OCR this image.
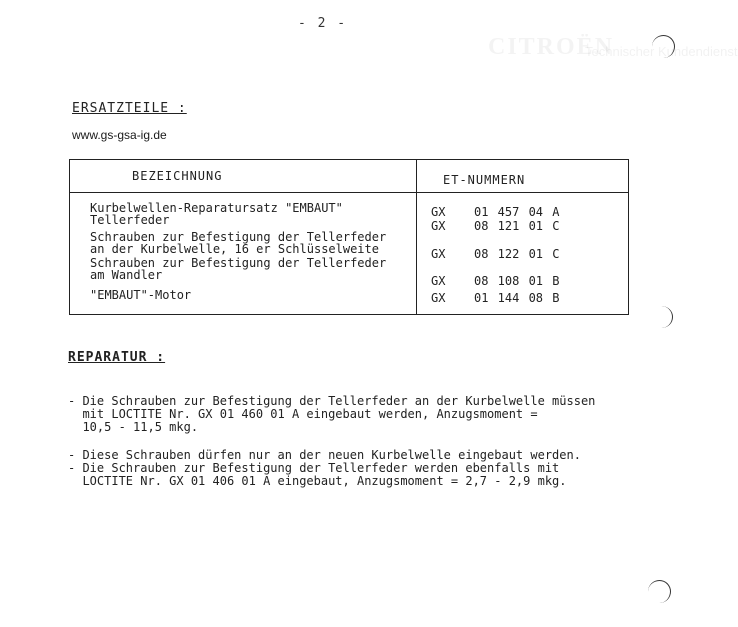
- 2 -
Technischer Kundendienst
ERSATZTEILE :
www.gs-gsa-ig.de
BEZEICHNUNG	ET-NUMMERN
Kurbelwellen-Reparatursatz "EMBAUT"
Tellerfeder
Schrauben zur Befestigung der Tellerfeder
an der Kurbelwelle, 16 er Schlüsselweite
Schrauben zur Befestigung der Tellerfeder
am Wandler
"EMBAUT"-Motor
GX 01 457 04 A
GX 08 121 01 C
GX 08 122 01 C
GX 08 108 01 B
GX 01 144 08 B
REPARATUR :

- Die Schrauben zur Befestigung der Tellerfeder an der Kurbelwelle müssen
mit LOCTITE Nr. GX 01 460 01 A eingebaut werden, Anzugsmoment =
10,5 - 11,5 mkg.

- Diese Schrauben dürfen nur an der neuen Kurbelwelle eingebaut werden.
- Die Schrauben zur Befestigung der Tellerfeder werden ebenfalls mit
LOCTITE Nr. GX 01 406 01 A eingebaut, Anzugsmoment = 2,7 - 2,9 mkg.
